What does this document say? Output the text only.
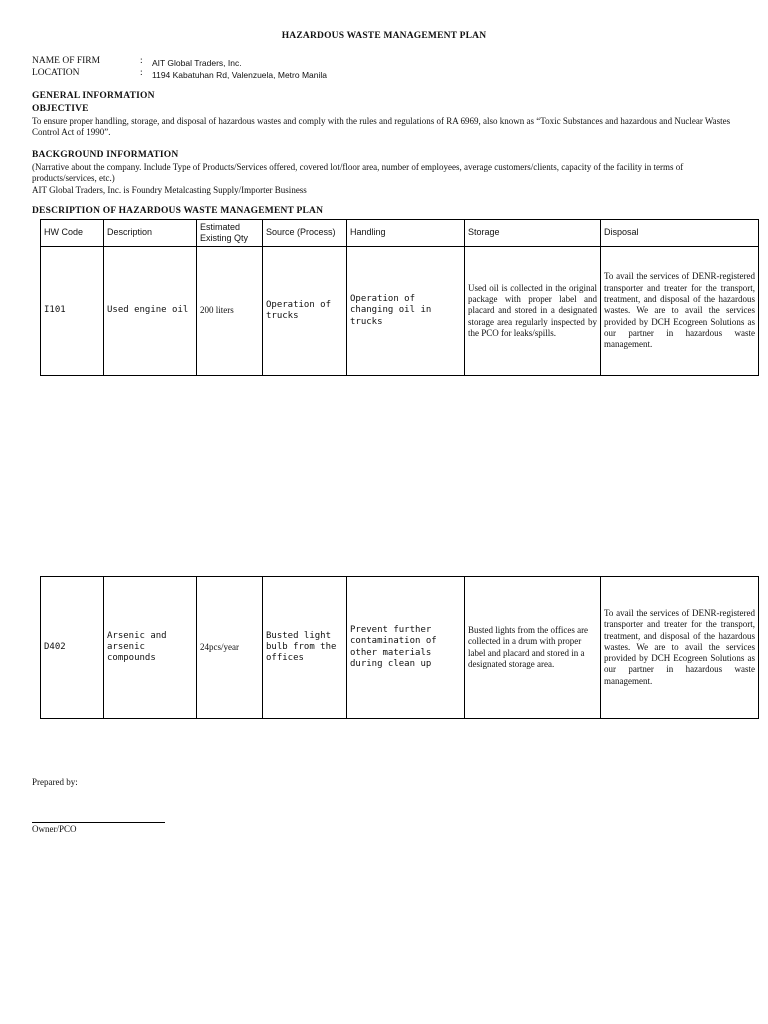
HAZARDOUS WASTE MANAGEMENT PLAN
NAME OF FIRM	: AIT Global Traders, Inc.
LOCATION	: 1194 Kabatuhan Rd, Valenzuela, Metro Manila
GENERAL INFORMATION
OBJECTIVE
To ensure proper handling, storage, and disposal of hazardous wastes and comply with the rules and regulations of RA 6969, also known as “Toxic Substances and hazardous and Nuclear Wastes Control Act of 1990”.
BACKGROUND INFORMATION
(Narrative about the company. Include Type of Products/Services offered, covered lot/floor area, number of employees, average customers/clients, capacity of the facility in terms of products/services, etc.)
AIT Global Traders, Inc. is Foundry Metalcasting Supply/Importer Business
DESCRIPTION OF HAZARDOUS WASTE MANAGEMENT PLAN
HW Code	Description	Estimated Existing Qty	Source (Process)	Handling	Storage	Disposal
I101	Used engine oil	200 liters	Operation of trucks	Operation of changing oil in trucks	Used oil is collected in the original package with proper label and placard and stored in a designated storage area regularly inspected by the PCO for leaks/spills.	To avail the services of DENR-registered transporter and treater for the transport, treatment, and disposal of the hazardous wastes. We are to avail the services provided by DCH Ecogreen Solutions as our partner in hazardous waste management.
D402	Arsenic and arsenic compounds	24pcs/year	Busted light bulb from the offices	Prevent further contamination of other materials during clean up	Busted lights from the offices are collected in a drum with proper label and placard and stored in a designated storage area.	To avail the services of DENR-registered transporter and treater for the transport, treatment, and disposal of the hazardous wastes. We are to avail the services provided by DCH Ecogreen Solutions as our partner in hazardous waste management.
Prepared by:
Owner/PCO
